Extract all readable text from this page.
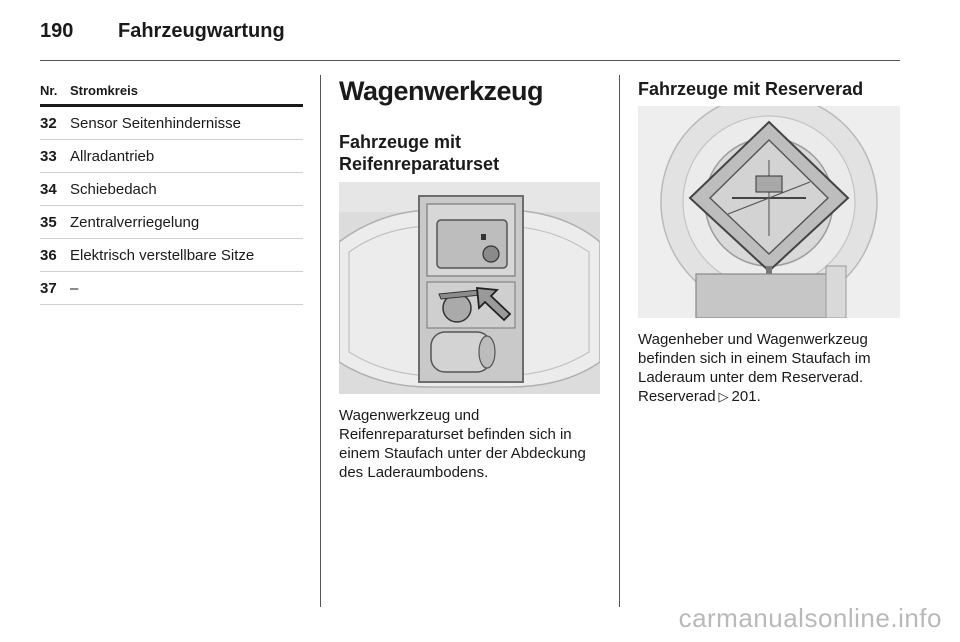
190 Fahrzeugwartung
Nr.	Stromkreis
32	Sensor Seitenhindernisse
33	Allradantrieb
34	Schiebedach
35	Zentralverriegelung
36	Elektrisch verstellbare Sitze
37	–
Wagenwerkzeug
Fahrzeuge mit
Reifenreparaturset
Wagenwerkzeug und Reifenreparaturset befinden sich in einem Staufach unter der Abdeckung des Laderaumbodens.
Fahrzeuge mit Reserverad
Wagenheber und Wagenwerkzeug befinden sich in einem Staufach im Laderaum unter dem Reserverad. Reserverad ▷ 201.
carmanualsonline.info
